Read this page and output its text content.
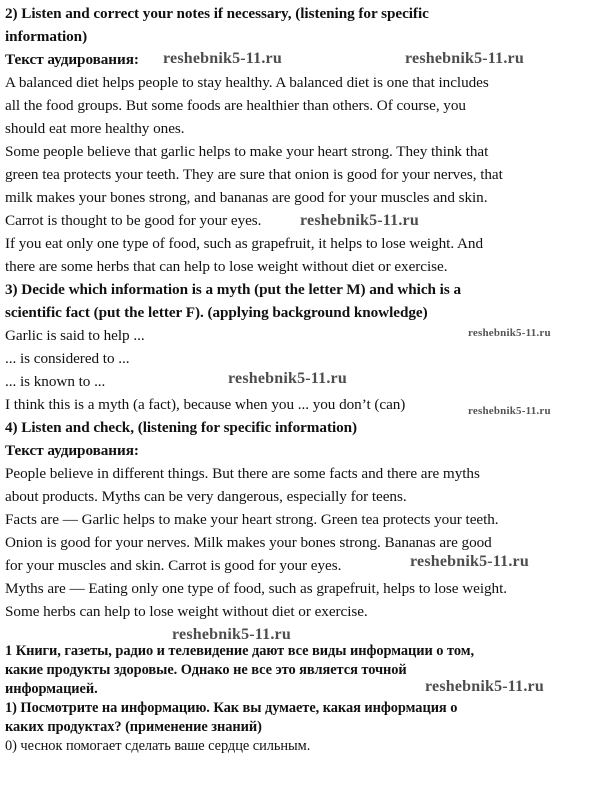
2) Listen and correct your notes if necessary, (listening for specific
information)
Текст аудирования:
A balanced diet helps people to stay healthy. A balanced diet is one that includes
all the food groups. But some foods are healthier than others. Of course, you
should eat more healthy ones.
Some people believe that garlic helps to make your heart strong. They think that
green tea protects your teeth. They are sure that onion is good for your nerves, that
milk makes your bones strong, and bananas are good for your muscles and skin.
Carrot is thought to be good for your eyes.
If you eat only one type of food, such as grapefruit, it helps to lose weight. And
there are some herbs that can help to lose weight without diet or exercise.
3) Decide which information is a myth (put the letter M) and which is a
scientific fact (put the letter F). (applying background knowledge)
Garlic is said to help ...
... is considered to ...
... is known to ...
I think this is a myth (a fact), because when you ... you don’t (can)
4) Listen and check, (listening for specific information)
Текст аудирования:
People believe in different things. But there are some facts and there are myths
about products. Myths can be very dangerous, especially for teens.
Facts are — Garlic helps to make your heart strong. Green tea protects your teeth.
Onion is good for your nerves. Milk makes your bones strong. Bananas are good
for your muscles and skin. Carrot is good for your eyes.
Myths are — Eating only one type of food, such as grapefruit, helps to lose weight.
Some herbs can help to lose weight without diet or exercise.
1 Книги, газеты, радио и телевидение дают все виды информации о том,
какие продукты здоровые. Однако не все это является точной
информацией.
1) Посмотрите на информацию. Как вы думаете, какая информация о
каких продуктах? (применение знаний)
0) чеснок помогает сделать ваше сердце сильным.
reshebnik5-11.ru	reshebnik5-11.ru
reshebnik5-11.ru
reshebnik5-11.ru
reshebnik5-11.ru
reshebnik5-11.ru
reshebnik5-11.ru
reshebnik5-11.ru
reshebnik5-11.ru
